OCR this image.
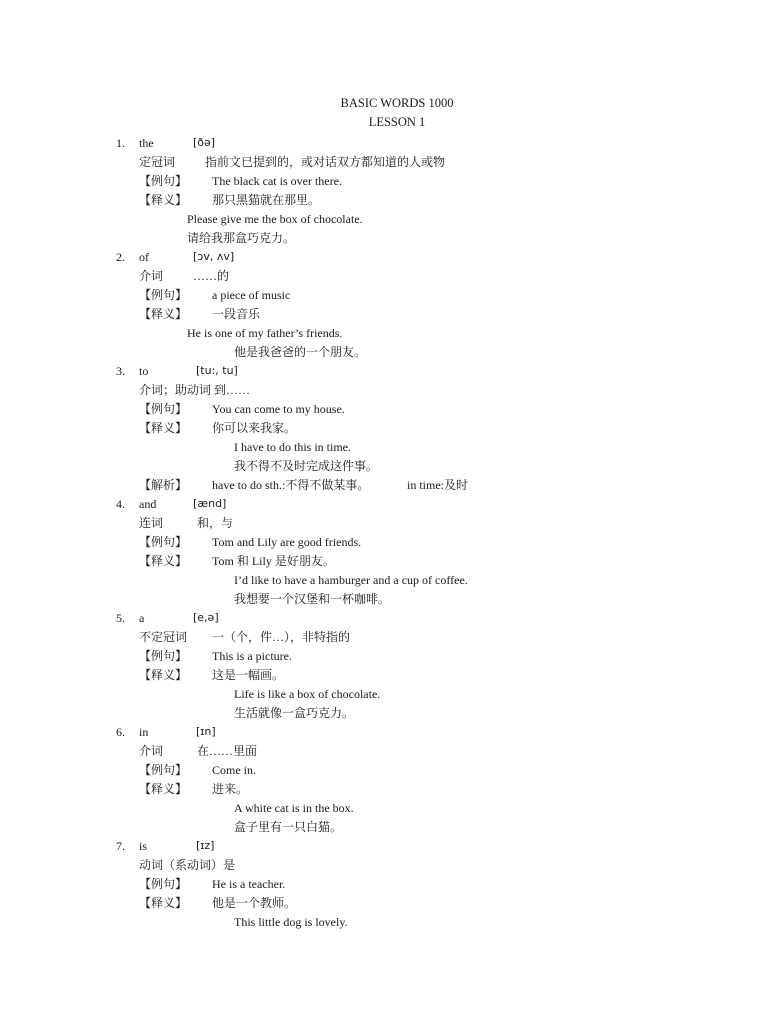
BASIC WORDS 1000
LESSON 1
1. the	[ðə]
定冠词 指前文已提到的，或对话双方都知道的人或物
【例句】 The black cat is over there.
【释义】 那只黑猫就在那里。
Please give me the box of chocolate.
请给我那盒巧克力。
2. of	[ɔv, ʌv]
介词 ……的
【例句】 a piece of music
【释义】 一段音乐
He is one of my father’s friends.
他是我爸爸的一个朋友。
3. to	[tu:, tu]
介词；助动词 到……
【例句】 You can come to my house.
【释义】 你可以来我家。
I have to do this in time.
我不得不及时完成这件事。
【解析】 have to do sth.:不得不做某事。	in time:及时
4. and	[ænd]
连词	和，与
【例句】 Tom and Lily are good friends.
【释义】 Tom 和 Lily 是好朋友。
I’d like to have a hamburger and a cup of coffee.
我想要一个汉堡和一杯咖啡。
5. a	[e,ə]
不定冠词 一（个，件…），非特指的
【例句】 This is a picture.
【释义】 这是一幅画。
Life is like a box of chocolate.
生活就像一盒巧克力。
6. in	[ɪn]
介词	在……里面
【例句】 Come in.
【释义】 进来。
A white cat is in the box.
盒子里有一只白猫。
7. is	[ɪz]
动词（系动词）是
【例句】 He is a teacher.
【释义】 他是一个教师。
This little dog is lovely.
